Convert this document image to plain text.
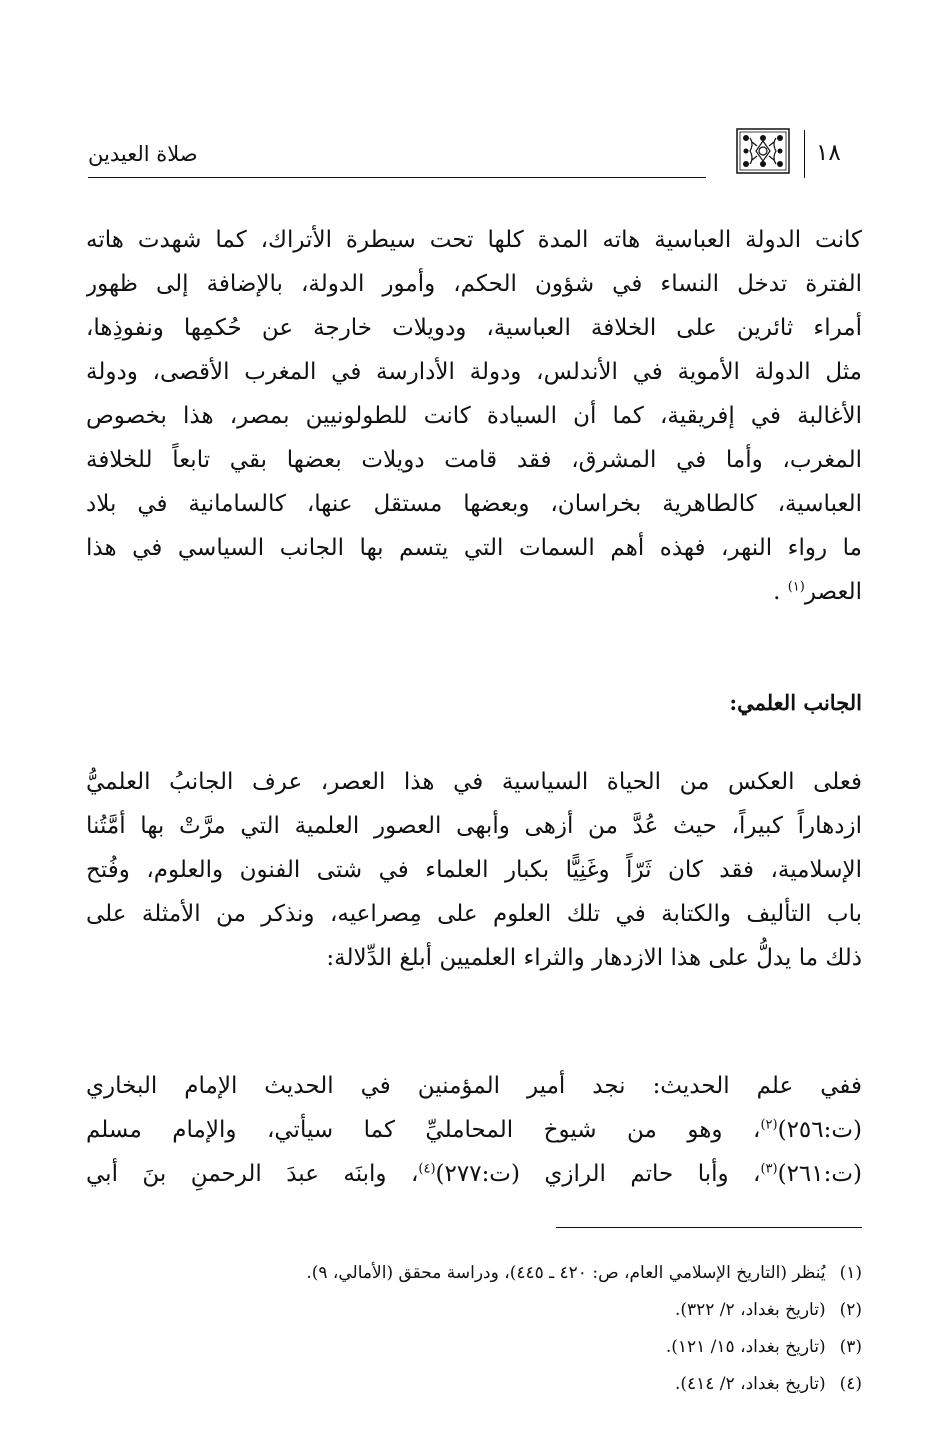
صلاة العيدين	١٨
كانت الدولة العباسية هاته المدة كلها تحت سيطرة الأتراك، كما شهدت هاته
الفترة تدخل النساء في شؤون الحكم، وأمور الدولة، بالإضافة إلى ظهور
أمراء ثائرين على الخلافة العباسية، ودويلات خارجة عن حُكمِها ونفوذِها،
مثل الدولة الأموية في الأندلس، ودولة الأدارسة في المغرب الأقصى، ودولة
الأغالبة في إفريقية، كما أن السيادة كانت للطولونيين بمصر، هذا بخصوص
المغرب، وأما في المشرق، فقد قامت دويلات بعضها بقي تابعاً للخلافة
العباسية، كالطاهرية بخراسان، وبعضها مستقل عنها، كالسامانية في بلاد
ما رواء النهر، فهذه أهم السمات التي يتسم بها الجانب السياسي في هذا
العصر$^{(١)}$ .
الجانب العلمي:
فعلى العكس من الحياة السياسية في هذا العصر، عرف الجانبُ العلميُّ
ازدهاراً كبيراً، حيث عُدَّ من أزهى وأبهى العصور العلمية التي مرَّتْ بها أمَّتُنا
الإسلامية، فقد كان ثَرّاً وغَنِيًّا بكبار العلماء في شتى الفنون والعلوم، وفُتح
باب التأليف والكتابة في تلك العلوم على مِصراعيه، ونذكر من الأمثلة على
ذلك ما يدلُّ على هذا الازدهار والثراء العلميين أبلغ الدِّلالة:
ففي علم الحديث: نجد أمير المؤمنين في الحديث الإمام البخاري
(ت:٢٥٦)$^{(٢)}$، وهو من شيوخ المحامليِّ كما سيأتي، والإمام مسلم
(ت:٢٦١)$^{(٣)}$، وأبا حاتم الرازي (ت:٢٧٧)$^{(٤)}$، وابنَه عبدَ الرحمنِ بنَ أبي
(١)يُنظر (التاريخ الإسلامي العام، ص: ٤٢٠ ـ ٤٤٥)، ودراسة محقق (الأمالي، ٩).
(٢)(تاريخ بغداد، ٢/ ٣٢٢).
(٣)(تاريخ بغداد، ١٥/ ١٢١).
(٤)(تاريخ بغداد، ٢/ ٤١٤).
